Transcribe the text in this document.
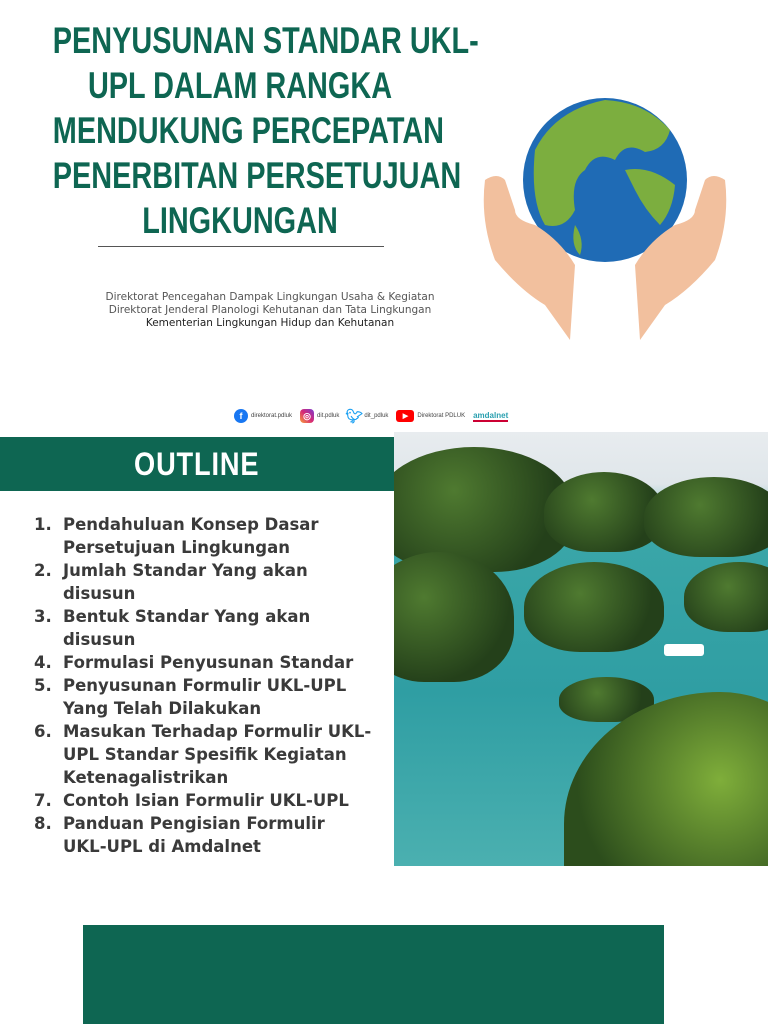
PENYUSUNAN STANDAR UKL-
UPL DALAM RANGKA
MENDUKUNG PERCEPATAN
PENERBITAN PERSETUJUAN
LINGKUNGAN
Direktorat Pencegahan Dampak Lingkungan Usaha & Kegiatan
Direktorat Jenderal Planologi Kehutanan dan Tata Lingkungan
Kementerian Lingkungan Hidup dan Kehutanan
f	direktorat.pdluk	◎	dit.pdluk 🐦︎ dit_pdluk	▶	Direktorat PDLUK amdalnet
OUTLINE
1. Pendahuluan Konsep Dasar Persetujuan Lingkungan
2. Jumlah Standar Yang akan disusun
3. Bentuk Standar Yang akan disusun
4. Formulasi Penyusunan Standar
5. Penyusunan Formulir UKL-UPL Yang Telah Dilakukan
6. Masukan Terhadap Formulir UKL-UPL Standar Spesifik Kegiatan Ketenagalistrikan
7. Contoh Isian Formulir UKL-UPL
8. Panduan Pengisian Formulir UKL-UPL di Amdalnet
